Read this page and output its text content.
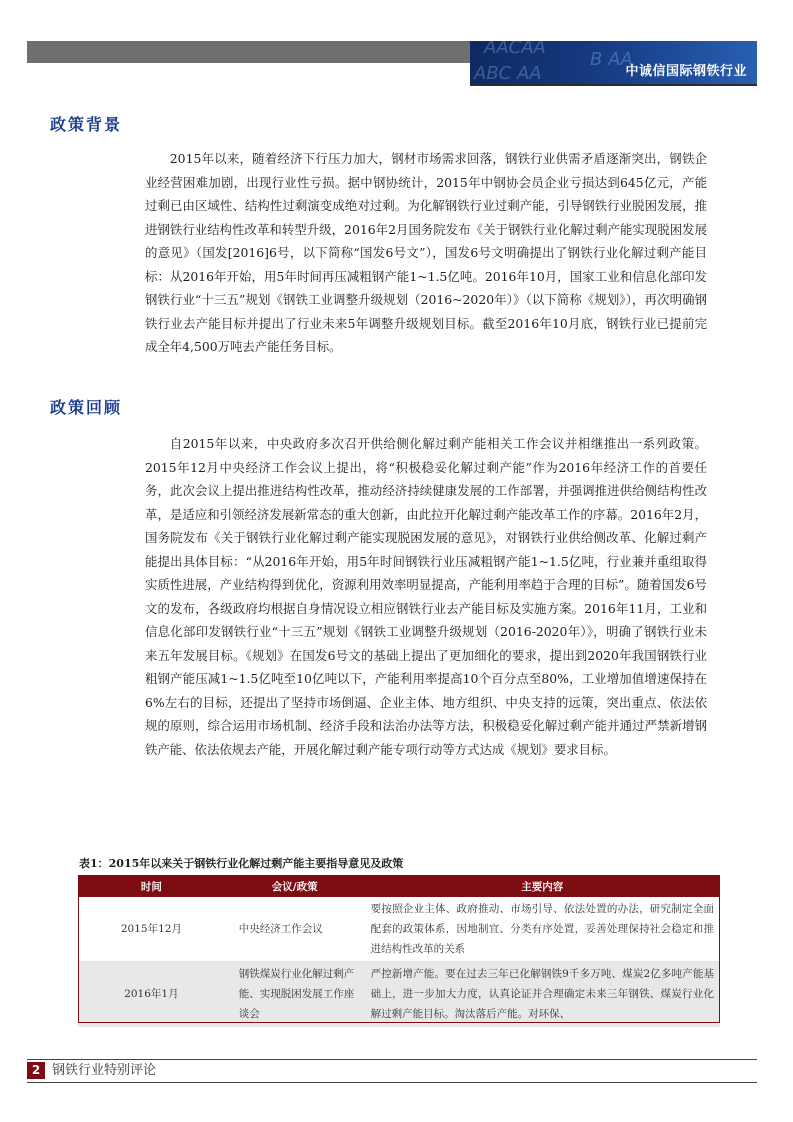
AACAA
B AA
ABC AA	中诚信国际钢铁行业
政策背景

2015年以来，随着经济下行压力加大，钢材市场需求回落，钢铁行业供需矛盾逐渐突出，钢铁企业经营困难加剧，出现行业性亏损。据中钢协统计，2015年中钢协会员企业亏损达到645亿元，产能过剩已由区域性、结构性过剩演变成绝对过剩。为化解钢铁行业过剩产能，引导钢铁行业脱困发展，推进钢铁行业结构性改革和转型升级，2016年2月国务院发布《关于钢铁行业化解过剩产能实现脱困发展的意见》（国发[2016]6号，以下简称“国发6号文”），国发6号文明确提出了钢铁行业化解过剩产能目标：从2016年开始，用5年时间再压减粗钢产能1~1.5亿吨。2016年10月，国家工业和信息化部印发钢铁行业“十三五”规划《钢铁工业调整升级规划（2016~2020年）》（以下简称《规划》），再次明确钢铁行业去产能目标并提出了行业未来5年调整升级规划目标。截至2016年10月底，钢铁行业已提前完成全年4,500万吨去产能任务目标。

政策回顾

自2015年以来，中央政府多次召开供给侧化解过剩产能相关工作会议并相继推出一系列政策。2015年12月中央经济工作会议上提出，将“积极稳妥化解过剩产能”作为2016年经济工作的首要任务，此次会议上提出推进结构性改革，推动经济持续健康发展的工作部署，并强调推进供给侧结构性改革，是适应和引领经济发展新常态的重大创新，由此拉开化解过剩产能改革工作的序幕。2016年2月，国务院发布《关于钢铁行业化解过剩产能实现脱困发展的意见》，对钢铁行业供给侧改革、化解过剩产能提出具体目标：“从2016年开始，用5年时间钢铁行业压减粗钢产能1~1.5亿吨，行业兼并重组取得实质性进展，产业结构得到优化，资源利用效率明显提高，产能利用率趋于合理的目标”。随着国发6号文的发布，各级政府均根据自身情况设立相应钢铁行业去产能目标及实施方案。2016年11月，工业和信息化部印发钢铁行业“十三五”规划《钢铁工业调整升级规划（2016-2020年）》，明确了钢铁行业未来五年发展目标。《规划》在国发6号文的基础上提出了更加细化的要求，提出到2020年我国钢铁行业粗钢产能压减1~1.5亿吨至10亿吨以下，产能利用率提高10个百分点至80%，工业增加值增速保持在6%左右的目标，还提出了坚持市场倒逼、企业主体、地方组织、中央支持的远策，突出重点、依法依规的原则，综合运用市场机制、经济手段和法治办法等方法，积极稳妥化解过剩产能并通过严禁新增钢铁产能、依法依规去产能，开展化解过剩产能专项行动等方式达成《规划》要求目标。

表1：2015年以来关于钢铁行业化解过剩产能主要指导意见及政策
时间	会议/政策	主要内容
2015年12月	中央经济工作会议	要按照企业主体、政府推动、市场引导、依法处置的办法，研究制定全面配套的政策体系，因地制宜、分类有序处置，妥善处理保持社会稳定和推进结构性改革的关系
2016年1月	钢铁煤炭行业化解过剩产能、实现脱困发展工作座谈会	严控新增产能。要在过去三年已化解钢铁9千多万吨、煤炭2亿多吨产能基础上，进一步加大力度，认真论证并合理确定未来三年钢铁、煤炭行业化解过剩产能目标。淘汰落后产能。对环保、
2 钢铁行业特别评论
